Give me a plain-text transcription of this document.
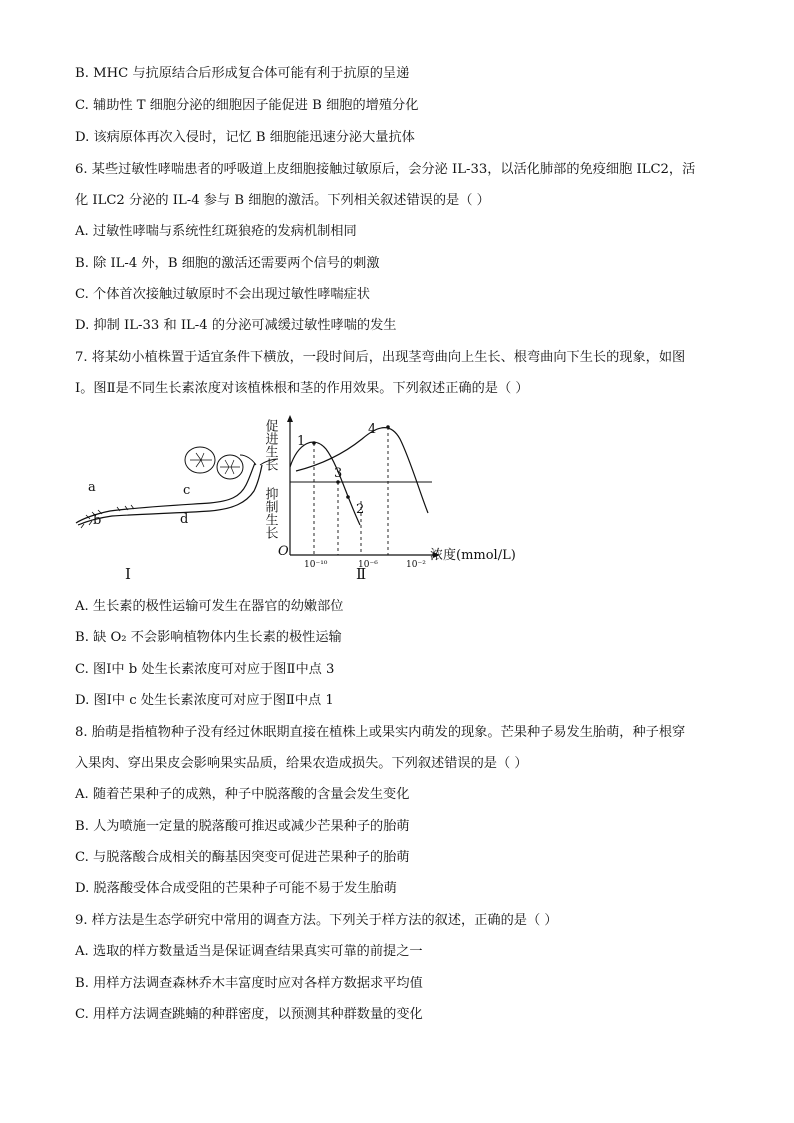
B. MHC 与抗原结合后形成复合体可能有利于抗原的呈递
C. 辅助性 T 细胞分泌的细胞因子能促进 B 细胞的增殖分化
D. 该病原体再次入侵时，记忆 B 细胞能迅速分泌大量抗体
6. 某些过敏性哮喘患者的呼吸道上皮细胞接触过敏原后，会分泌 IL-33，以活化肺部的免疫细胞 ILC2，活
化 ILC2 分泌的 IL-4 参与 B 细胞的激活。下列相关叙述错误的是（ ）
A. 过敏性哮喘与系统性红斑狼疮的发病机制相同
B. 除 IL-4 外，B 细胞的激活还需要两个信号的刺激
C. 个体首次接触过敏原时不会出现过敏性哮喘症状
D. 抑制 IL-33 和 IL-4 的分泌可减缓过敏性哮喘的发生
7. 将某幼小植株置于适宜条件下横放，一段时间后，出现茎弯曲向上生长、根弯曲向下生长的现象，如图
Ⅰ。图Ⅱ是不同生长素浓度对该植株根和茎的作用效果。下列叙述正确的是（ ）
A. 生长素的极性运输可发生在器官的幼嫩部位
B. 缺 O₂ 不会影响植物体内生长素的极性运输
C. 图Ⅰ中 b 处生长素浓度可对应于图Ⅱ中点 3
D. 图Ⅰ中 c 处生长素浓度可对应于图Ⅱ中点 1
8. 胎萌是指植物种子没有经过休眠期直接在植株上或果实内萌发的现象。芒果种子易发生胎萌，种子根穿
入果肉、穿出果皮会影响果实品质，给果农造成损失。下列叙述错误的是（ ）
A. 随着芒果种子的成熟，种子中脱落酸的含量会发生变化
B. 人为喷施一定量的脱落酸可推迟或减少芒果种子的胎萌
C. 与脱落酸合成相关的酶基因突变可促进芒果种子的胎萌
D. 脱落酸受体合成受阻的芒果种子可能不易于发生胎萌
9. 样方法是生态学研究中常用的调查方法。下列关于样方法的叙述，正确的是（ ）
A. 选取的样方数量适当是保证调查结果真实可靠的前提之一
B. 用样方法调查森林乔木丰富度时应对各样方数据求平均值
C. 用样方法调查跳蝻的种群密度，以预测其种群数量的变化
a
b
c
d
1
2
3
4
促进生长
抑制生长
O
10⁻¹⁰	10⁻⁶	10⁻²
浓度(mmol/L)
Ⅰ	Ⅱ
